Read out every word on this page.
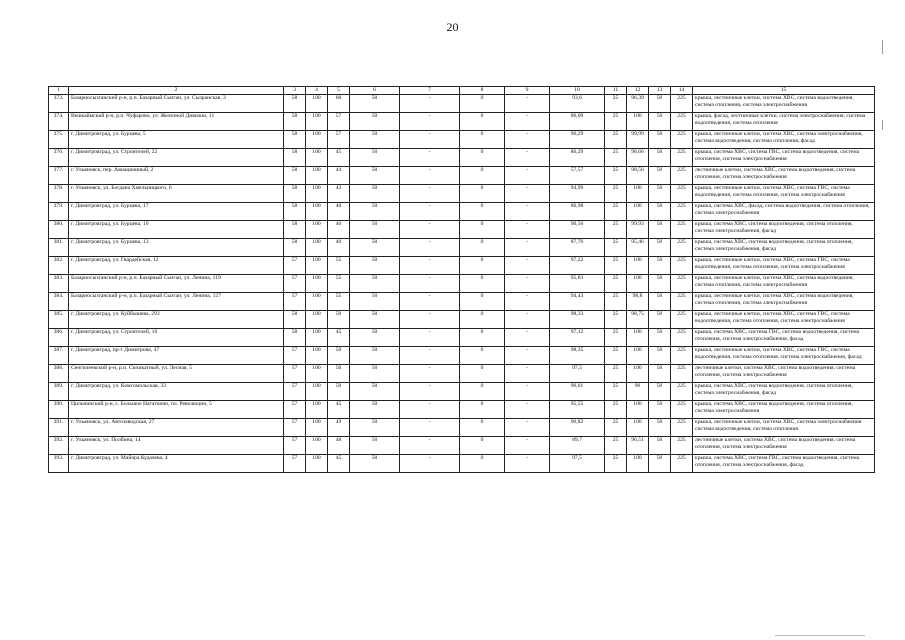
20
1	2	3	4	5	6	7	8	9	10	11	12	13	14	15
373.	Базарносызганский р-н, р.п. Базарный Сызган, ул. Сызранская, 3	58	100	60	50	-	0	-	93,6	25	96,39	50	225	крыша, лестничные клетки, система ХВС, система водоотведения, система отопления, система электроснабжения
374.	Вешкаймский р-н, р.п. Чуфарово, ул. Железной Дивизии, 11	58	100	57	50	-	0	-	86,09	25	100	50	225	крыша, фасад, лестничные клетки, система электроснабжения, система водоотведения, система отопления
375.	г. Димитровград, ул. Бурцева, 5	58	100	57	50	-	0	-	96,29	25	99,99	50	225	крыша, лестничные клетки, система ХВС, система электроснабжения, система водоотведения, система отопления, фасад
376.	г. Димитровград, ул. Строителей, 22	58	100	45	50	-	0	-	86,29	25	98,66	50	225	крыша, система ХВС, система ГВС, система водоотведения, система отопления, система электроснабжения
377.	г. Ульяновск, пер. Авиационный, 2	58	100	44	50	-	0	-	57,57	25	98,56	50	225	лестничные клетки, система ХВС, система водоотведения, система отопления, система электроснабжения
378.	г. Ульяновск, ул. Богдана Хмельницкого, 6	58	100	43	50	-	0	-	94,99	25	100	50	225	крыша, лестничные клетки, система ХВС, система ГВС, система водоотведения, система отопления, система электроснабжения
379.	г. Димитровград, ул. Бурцева, 17	58	100	40	50	-	0	-	86,98	25	100	50	225	крыша, система ХВС, фасад, система водоотведения, система отопления, система электроснабжения
380.	г. Димитровград, ул. Бурцева, 10	58	100	40	50	-	0	-	90,56	25	99,93	50	225	крыша, система ХВС, система водоотведения, система отопления, система электроснабжения, фасад
381.	г. Димитровград, ул. Бурцева, 13	58	100	40	50	-	0	-	87,76	25	95,46	50	225	крыша, система ХВС, система водоотведения, система отопления, система электроснабжения, фасад
382.	г. Димитровград, ул. Гвардейская, 12	57	100	55	50	-	0	-	97,22	25	100	50	225	крыша, лестничные клетки, система ХВС, система ГВС, система водоотведения, система отопления, система электроснабжения
383.	Базарносызганский р-н, р.п. Базарный Сызган, ул. Ленина, 119	57	100	55	50	-	0	-	95,83	25	100	50	225	крыша, лестничные клетки, система ХВС, система водоотведения, система отопления, система электроснабжения
384.	Базарносызганский р-н, р.п. Базарный Сызган, ул. Ленина, 127	57	100	55	50	-	0	-	94,43	25	98,8	50	225	крыша, лестничные клетки, система ХВС, система водоотведения, система отопления, система электроснабжения
385.	г. Димитровград, ул. Куйбышева, 293	58	100	50	50	-	0	-	98,33	25	98,75	50	225	крыша, лестничные клетки, система ХВС, система ГВС, система водоотведения, система отопления, система электроснабжения
386.	г. Димитровград, ул. Строителей, 16	58	100	45	50	-	0	-	97,12	25	100	50	225	крыша, система ХВС, система ГВС, система водоотведения, система отопления, система электроснабжения, фасад
387.	г. Димитровград, пр-т Димитрова, 47	57	100	50	50	-	0	-	98,35	25	100	50	225	крыша, лестничные клетки, система ХВС, система ГВС, система водоотведения, система отопления, система электроснабжения, фасад
388.	Сенгилеевский р-н, р.п. Силикатный, ул. Лесная, 5	57	100	50	50	-	0	-	97,5	25	100	50	225	лестничные клетки, система ХВС, система водоотведения, система отопления, система электроснабжения
389.	г. Димитровград, ул. Комсомольская, 33	57	100	50	50	-	0	-	96,01	25	96	50	225	крыша, система ХВС, система водоотведения, система отопления, система электроснабжения, фасад
390.	Цильнинский р-н, с. Большое Нагаткино, пл. Революции, 5	57	100	45	50	-	0	-	95,55	25	100	50	225	крыша, система ХВС, система водоотведения, система отопления, система электроснабжения
391.	г. Ульяновск, ул. Автозаводская, 27	57	100	49	50	-	0	-	90,82	25	100	50	225	крыша, лестничные клетки, система ХВС, система электроснабжения система водоотведения, система отопления
392.	г. Ульяновск, ул. Полбина, 14	57	100	48	50	-	0	-	89,7	25	96,51	50	225	лестничные клетки, система ХВС, система водоотведения, система отопления, система электроснабжения
393.	г. Димитровград, ул. Майора Кудачева, 4	57	100	45	50	-	0	-	97,5	25	100	50	225	крыша, система ХВС, система ГВС, система водоотведения, система отопления, система электроснабжения, фасад
